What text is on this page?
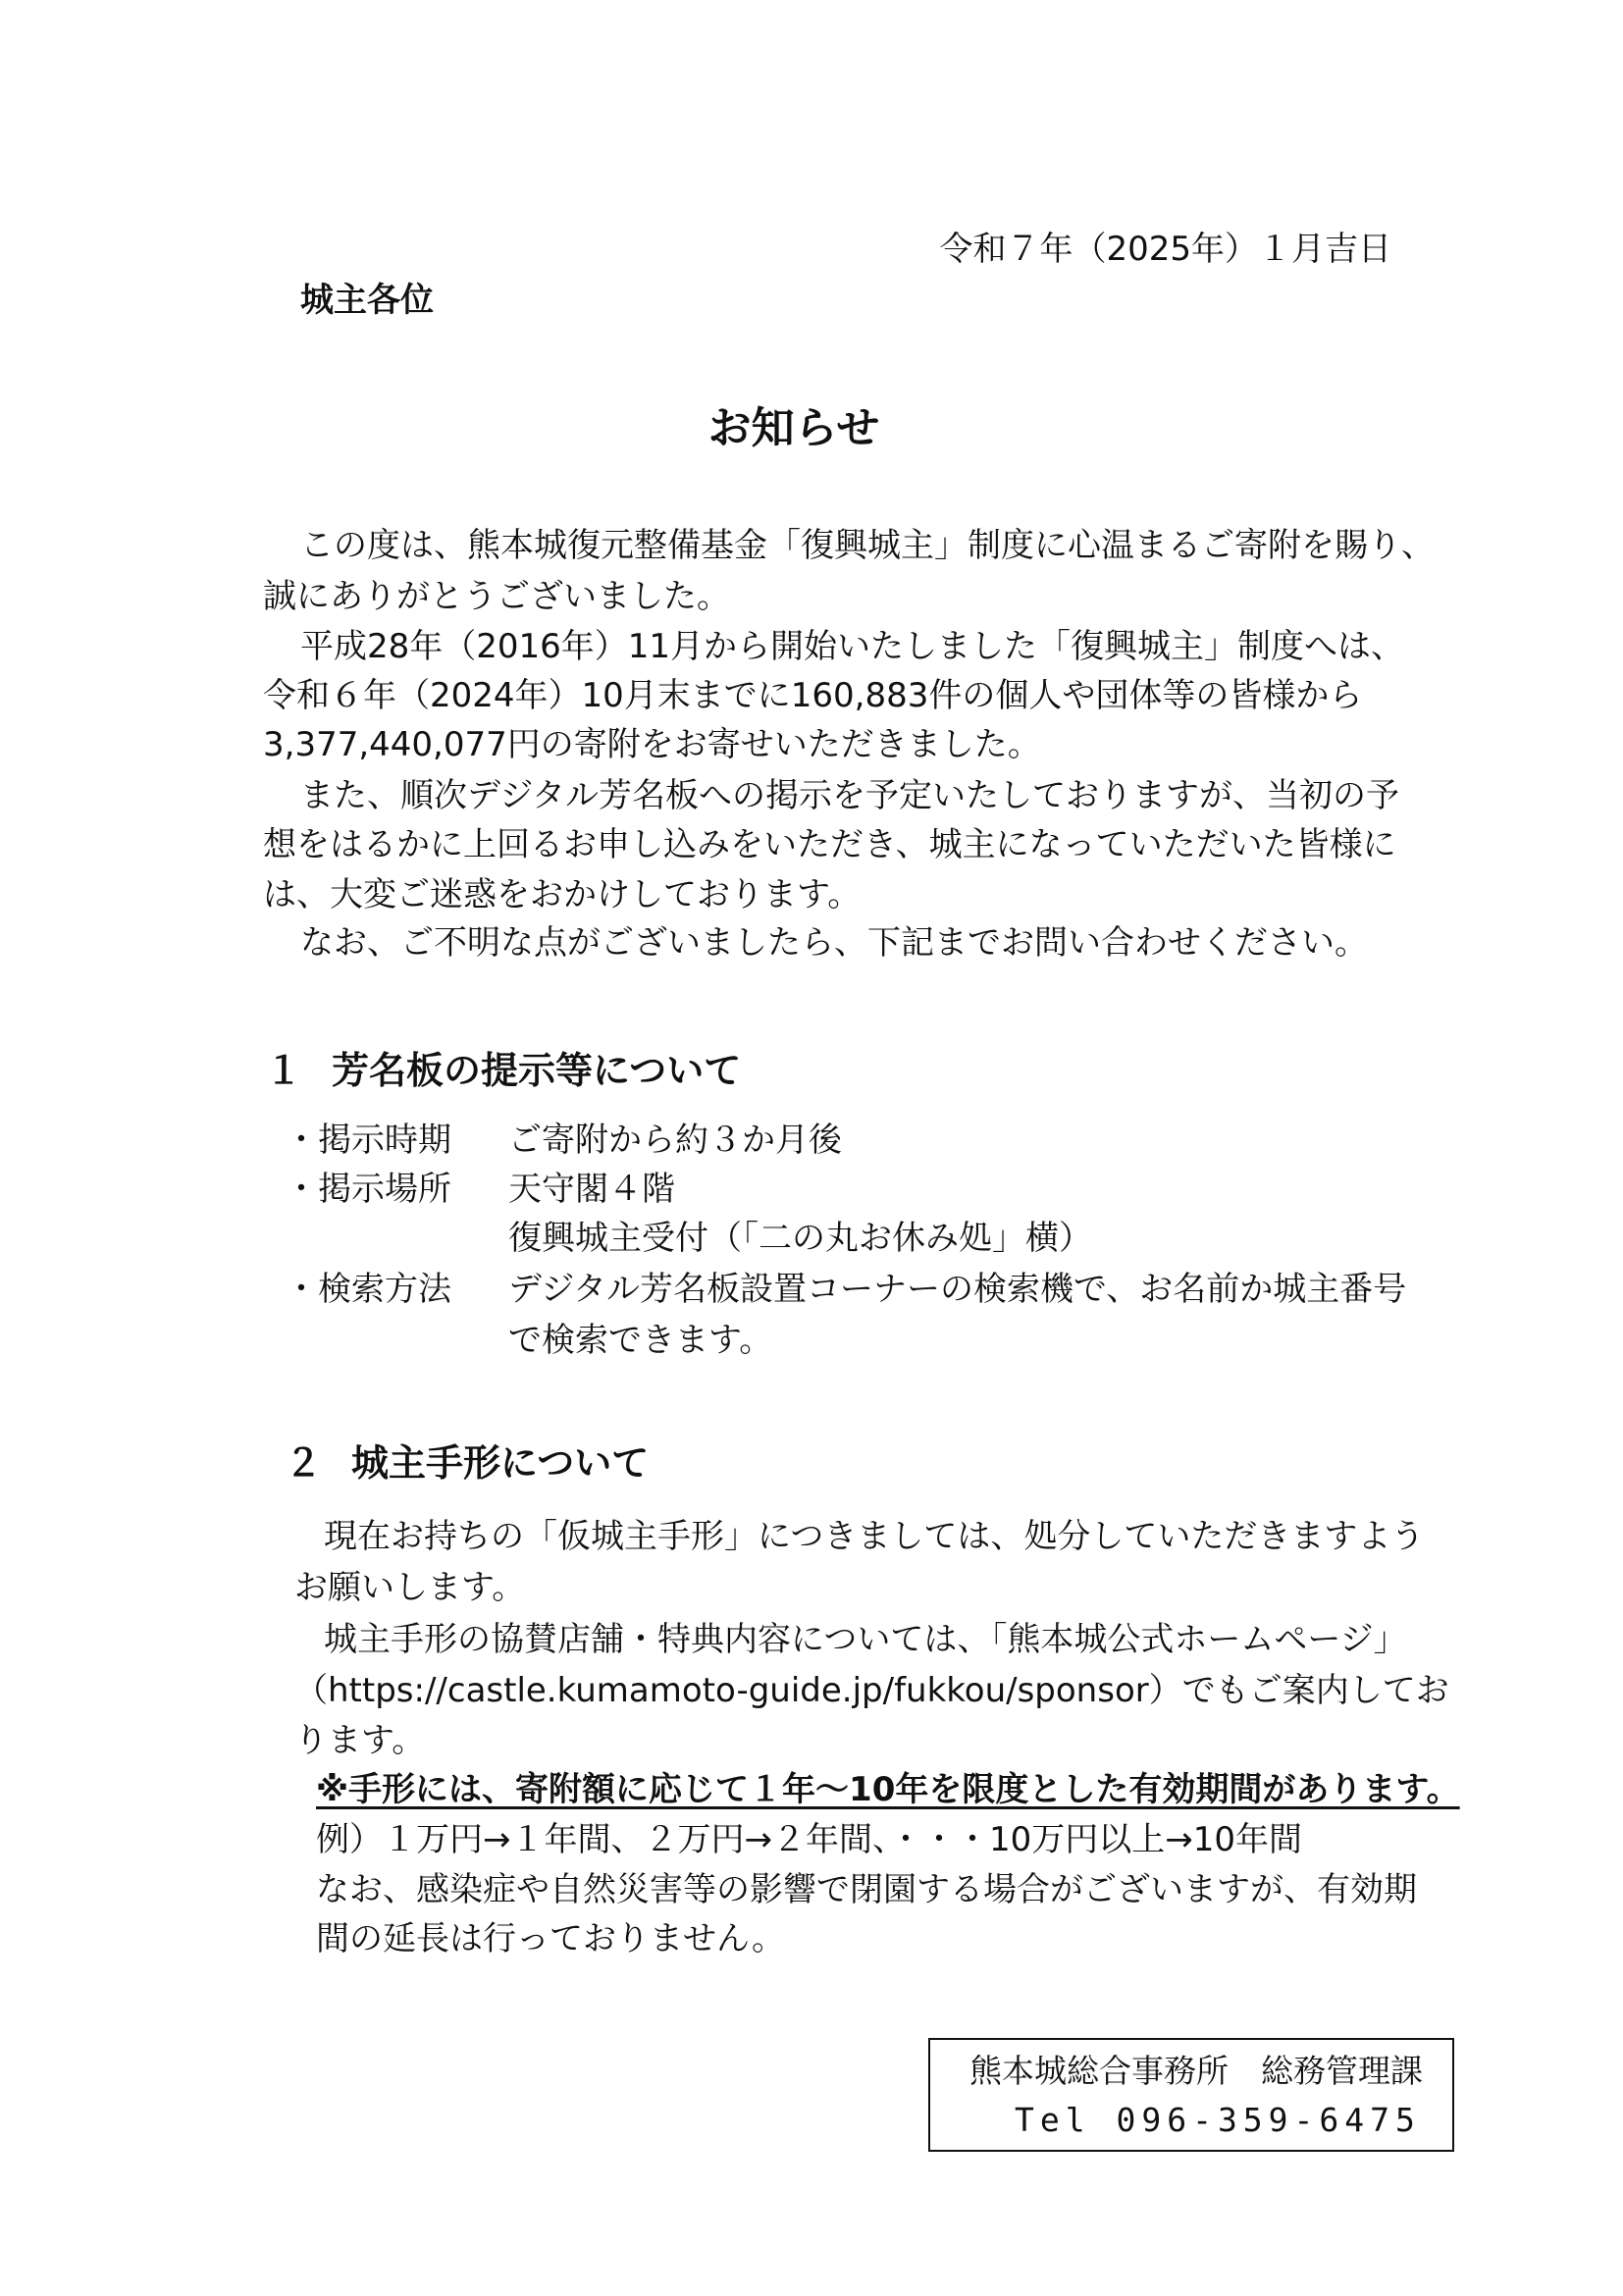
令和７年（2025年）１月吉日

城主各位

お知らせ

この度は、熊本城復元整備基金「復興城主」制度に心温まるご寄附を賜り、

誠にありがとうございました。

平成28年（2016年）11月から開始いたしました「復興城主」制度へは、

令和６年（2024年）10月末までに160,883件の個人や団体等の皆様から

3,377,440,077円の寄附をお寄せいただきました。

また、順次デジタル芳名板への掲示を予定いたしておりますが、当初の予

想をはるかに上回るお申し込みをいただき、城主になっていただいた皆様に

は、大変ご迷惑をおかけしております。

なお、ご不明な点がございましたら、下記までお問い合わせください。

１ 芳名板の提示等について

・掲示時期 ご寄附から約３か月後

・掲示場所 天守閣４階

復興城主受付（「二の丸お休み処」横）

・検索方法 デジタル芳名板設置コーナーの検索機で、お名前か城主番号

で検索できます。

２ 城主手形について

現在お持ちの「仮城主手形」につきましては、処分していただきますよう

お願いします。

城主手形の協賛店舗・特典内容については、「熊本城公式ホームページ」

（https://castle.kumamoto-guide.jp/fukkou/sponsor）でもご案内してお

ります。

※手形には、寄附額に応じて１年～10年を限度とした有効期間があります。

例）１万円→１年間、２万円→２年間、・・・10万円以上→10年間

なお、感染症や自然災害等の影響で閉園する場合がございますが、有効期

間の延長は行っておりません。

熊本城総合事務所　総務管理課

Tel 096-359-6475
